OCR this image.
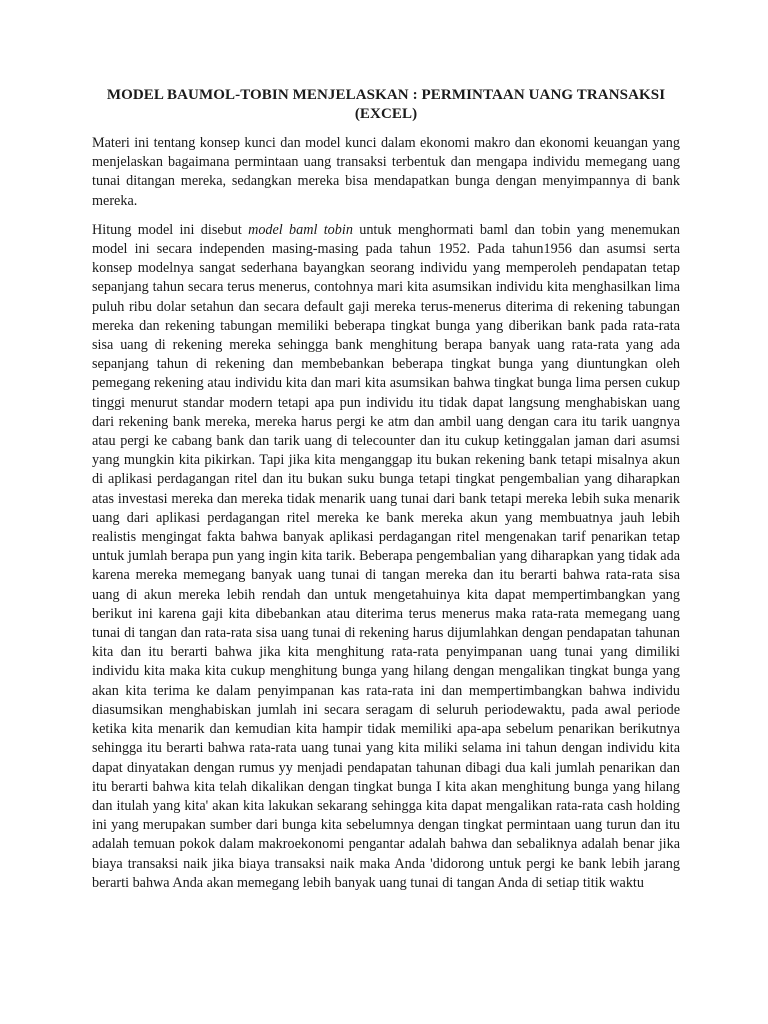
MODEL BAUMOL-TOBIN MENJELASKAN : PERMINTAAN UANG TRANSAKSI
(EXCEL)

Materi ini tentang konsep kunci dan model kunci dalam ekonomi makro dan ekonomi keuangan yang menjelaskan bagaimana permintaan uang transaksi terbentuk dan mengapa individu memegang uang tunai ditangan mereka, sedangkan mereka bisa mendapatkan bunga dengan menyimpannya di bank mereka.

Hitung model ini disebut model baml tobin untuk menghormati baml dan tobin yang menemukan model ini secara independen masing-masing pada tahun 1952. Pada tahun1956 dan asumsi serta konsep modelnya sangat sederhana bayangkan seorang individu yang memperoleh pendapatan tetap sepanjang tahun secara terus menerus, contohnya mari kita asumsikan individu kita menghasilkan lima puluh ribu dolar setahun dan secara default gaji mereka terus-menerus diterima di rekening tabungan mereka dan rekening tabungan memiliki beberapa tingkat bunga yang diberikan bank pada rata-rata sisa uang di rekening mereka sehingga bank menghitung berapa banyak uang rata-rata yang ada sepanjang tahun di rekening dan membebankan beberapa tingkat bunga yang diuntungkan oleh pemegang rekening atau individu kita dan mari kita asumsikan bahwa tingkat bunga lima persen cukup tinggi menurut standar modern tetapi apa pun individu itu tidak dapat langsung menghabiskan uang dari rekening bank mereka, mereka harus pergi ke atm dan ambil uang dengan cara itu tarik uangnya atau pergi ke cabang bank dan tarik uang di telecounter dan itu cukup ketinggalan jaman dari asumsi yang mungkin kita pikirkan. Tapi jika kita menganggap itu bukan rekening bank tetapi misalnya akun di aplikasi perdagangan ritel dan itu bukan suku bunga tetapi tingkat pengembalian yang diharapkan atas investasi mereka dan mereka tidak menarik uang tunai dari bank tetapi mereka lebih suka menarik uang dari aplikasi perdagangan ritel mereka ke bank mereka akun yang membuatnya jauh lebih realistis mengingat fakta bahwa banyak aplikasi perdagangan ritel mengenakan tarif penarikan tetap untuk jumlah berapa pun yang ingin kita tarik. Beberapa pengembalian yang diharapkan yang tidak ada karena mereka memegang banyak uang tunai di tangan mereka dan itu berarti bahwa rata-rata sisa uang di akun mereka lebih rendah dan untuk mengetahuinya kita dapat mempertimbangkan yang berikut ini karena gaji kita dibebankan atau diterima terus menerus maka rata-rata memegang uang tunai di tangan dan rata-rata sisa uang tunai di rekening harus dijumlahkan dengan pendapatan tahunan kita dan itu berarti bahwa jika kita menghitung rata-rata penyimpanan uang tunai yang dimiliki individu kita maka kita cukup menghitung bunga yang hilang dengan mengalikan tingkat bunga yang akan kita terima ke dalam penyimpanan kas rata-rata ini dan mempertimbangkan bahwa individu diasumsikan menghabiskan jumlah ini secara seragam di seluruh periodewaktu, pada awal periode ketika kita menarik dan kemudian kita hampir tidak memiliki apa-apa sebelum penarikan berikutnya sehingga itu berarti bahwa rata-rata uang tunai yang kita miliki selama ini tahun dengan individu kita dapat dinyatakan dengan rumus yy menjadi pendapatan tahunan dibagi dua kali jumlah penarikan dan itu berarti bahwa kita telah dikalikan dengan tingkat bunga I kita akan menghitung bunga yang hilang dan itulah yang kita' akan kita lakukan sekarang sehingga kita dapat mengalikan rata-rata cash holding ini yang merupakan sumber dari bunga kita sebelumnya dengan tingkat permintaan uang turun dan itu adalah temuan pokok dalam makroekonomi pengantar adalah bahwa dan sebaliknya adalah benar jika biaya transaksi naik jika biaya transaksi naik maka Anda 'didorong untuk pergi ke bank lebih jarang berarti bahwa Anda akan memegang lebih banyak uang tunai di tangan Anda di setiap titik waktu
